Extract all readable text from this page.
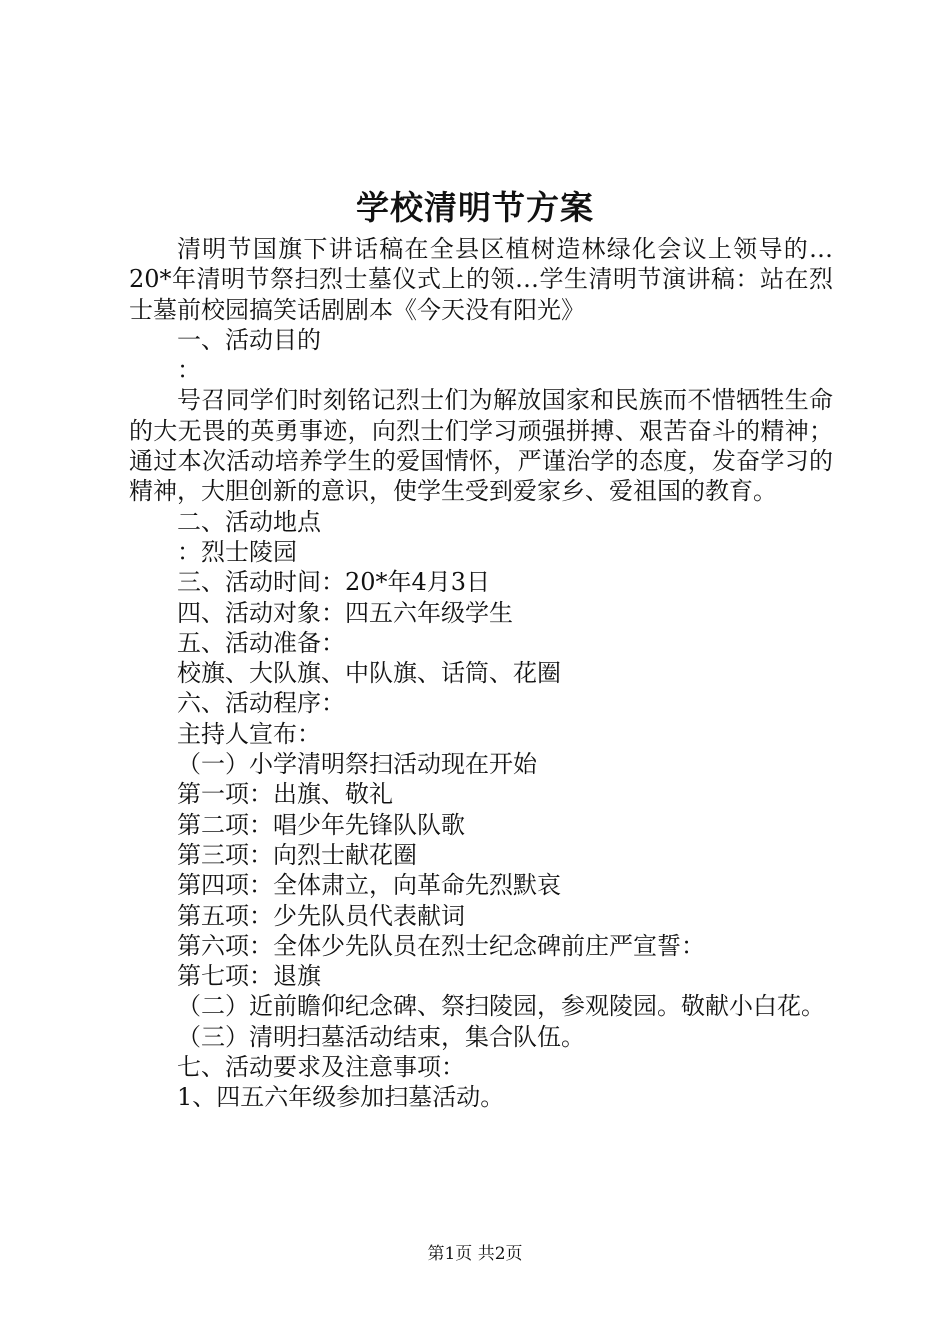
学校清明节方案

清明节国旗下讲话稿在全县区植树造林绿化会议上领导的…20*年清明节祭扫烈士墓仪式上的领…学生清明节演讲稿：站在烈士墓前校园搞笑话剧剧本《今天没有阳光》

一、活动目的

：

号召同学们时刻铭记烈士们为解放国家和民族而不惜牺牲生命的大无畏的英勇事迹，向烈士们学习顽强拼搏、艰苦奋斗的精神；通过本次活动培养学生的爱国情怀，严谨治学的态度，发奋学习的精神，大胆创新的意识，使学生受到爱家乡、爱祖国的教育。

二、活动地点

：烈士陵园

三、活动时间：20*年4月3日

四、活动对象：四五六年级学生

五、活动准备：

校旗、大队旗、中队旗、话筒、花圈

六、活动程序：

主持人宣布：

（一）小学清明祭扫活动现在开始

第一项：出旗、敬礼

第二项：唱少年先锋队队歌

第三项：向烈士献花圈

第四项：全体肃立，向革命先烈默哀

第五项：少先队员代表献词

第六项：全体少先队员在烈士纪念碑前庄严宣誓：

第七项：退旗

（二）近前瞻仰纪念碑、祭扫陵园，参观陵园。敬献小白花。

（三）清明扫墓活动结束，集合队伍。

七、活动要求及注意事项：

1、四五六年级参加扫墓活动。

第1页 共2页
